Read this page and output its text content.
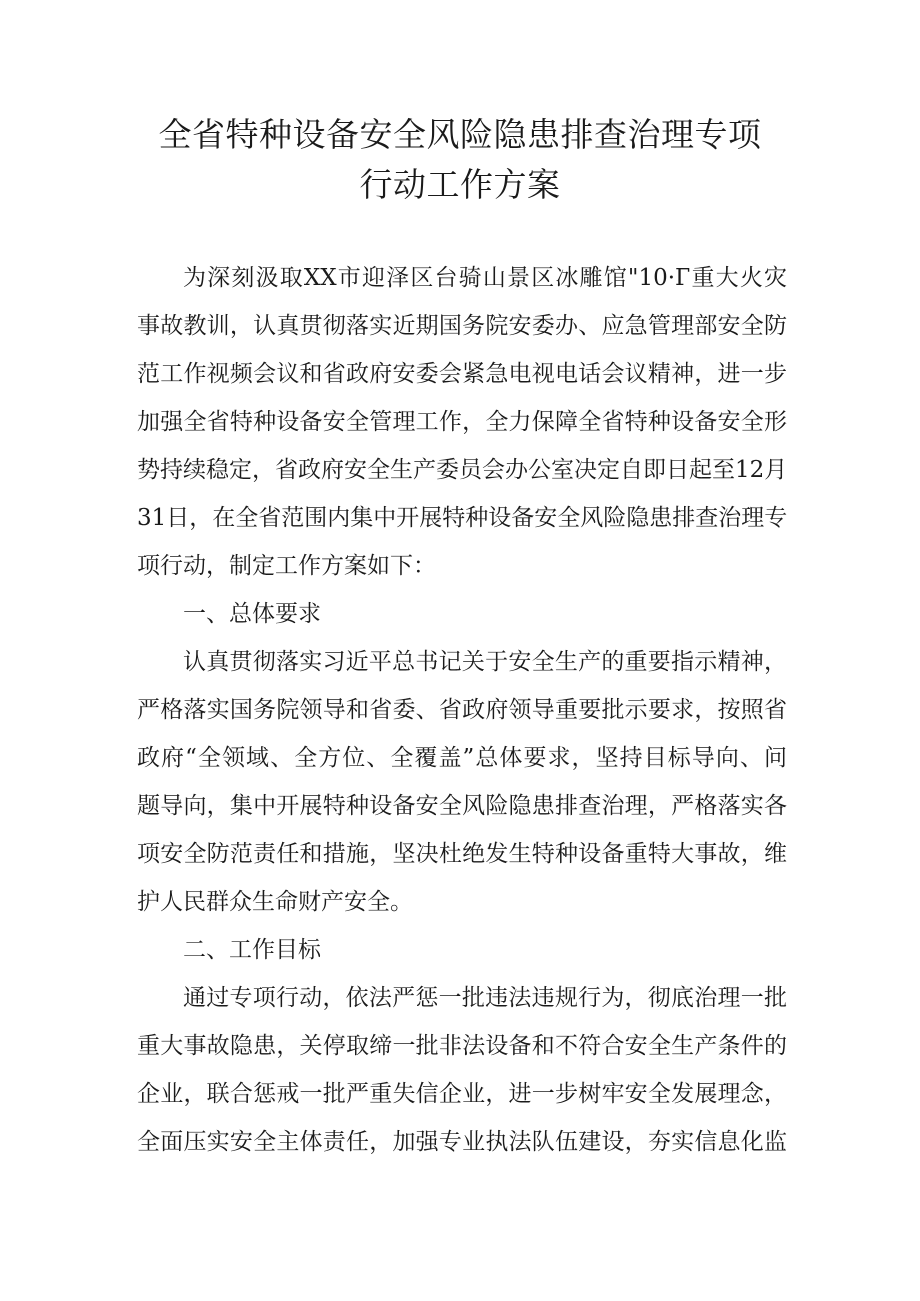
全省特种设备安全风险隐患排查治理专项
行动工作方案

为深刻汲取XX市迎泽区台骑山景区冰雕馆"10·Г重大火灾

事故教训，认真贯彻落实近期国务院安委办、应急管理部安全防

范工作视频会议和省政府安委会紧急电视电话会议精神，进一步

加强全省特种设备安全管理工作，全力保障全省特种设备安全形

势持续稳定，省政府安全生产委员会办公室决定自即日起至12月

31日，在全省范围内集中开展特种设备安全风险隐患排查治理专

项行动，制定工作方案如下：

一、总体要求

认真贯彻落实习近平总书记关于安全生产的重要指示精神，

严格落实国务院领导和省委、省政府领导重要批示要求，按照省

政府“全领域、全方位、全覆盖”总体要求，坚持目标导向、问

题导向，集中开展特种设备安全风险隐患排查治理，严格落实各

项安全防范责任和措施，坚决杜绝发生特种设备重特大事故，维

护人民群众生命财产安全。

二、工作目标

通过专项行动，依法严惩一批违法违规行为，彻底治理一批

重大事故隐患，关停取缔一批非法设备和不符合安全生产条件的

企业，联合惩戒一批严重失信企业，进一步树牢安全发展理念，

全面压实安全主体责任，加强专业执法队伍建设，夯实信息化监
